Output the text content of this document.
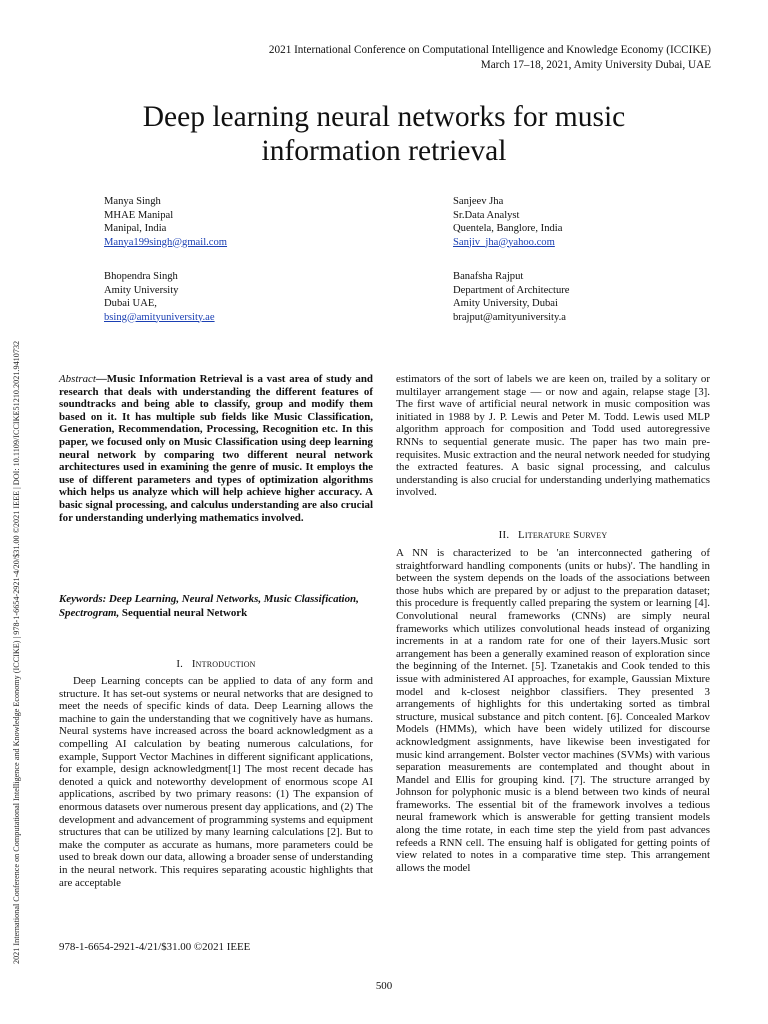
2021 International Conference on Computational Intelligence and Knowledge Economy (ICCIKE)
March 17–18, 2021, Amity University Dubai, UAE
2021 International Conference on Computational Intelligence and Knowledge Economy (ICCIKE) | 978-1-6654-2921-4/20/$31.00 ©2021 IEEE | DOI: 10.1109/ICCIKE51210.2021.9410732
Deep learning neural networks for music
information retrieval
Manya Singh
MHAE Manipal
Manipal, India
Manya199singh@gmail.com
Sanjeev Jha
Sr.Data Analyst
Quentela, Banglore, India
Sanjiv_jha@yahoo.com
Bhopendra Singh
Amity University
Dubai UAE,
bsing@amityuniversity.ae
Banafsha Rajput
Department of Architecture
Amity University, Dubai
brajput@amityuniversity.a

Abstract—Music Information Retrieval is a vast area of study and research that deals with understanding the different features of soundtracks and being able to classify, group and modify them based on it. It has multiple sub fields like Music Classification, Generation, Recommendation, Processing, Recognition etc. In this paper, we focused only on Music Classification using deep learning neural network by comparing two different neural network architectures used in examining the genre of music. It employs the use of different parameters and types of optimization algorithms which helps us analyze which will help achieve higher accuracy. A basic signal processing, and calculus understanding are also crucial for understanding underlying mathematics involved.

Keywords: Deep Learning, Neural Networks, Music Classification, Spectrogram, Sequential neural Network
I. Introduction

Deep Learning concepts can be applied to data of any form and structure. It has set-out systems or neural networks that are designed to meet the needs of specific kinds of data. Deep Learning allows the machine to gain the understanding that we cognitively have as humans. Neural systems have increased across the board acknowledgment as a compelling AI calculation by beating numerous calculations, for example, Support Vector Machines in different significant applications, for example, design acknowledgment[1] The most recent decade has denoted a quick and noteworthy development of enormous scope AI applications, ascribed by two primary reasons: (1) The expansion of enormous datasets over numerous present day applications, and (2) The development and advancement of programming systems and equipment structures that can be utilized by many learning calculations [2]. But to make the computer as accurate as humans, more parameters could be used to break down our data, allowing a broader sense of understanding in the neural network. This requires separating acoustic highlights that are acceptable

estimators of the sort of labels we are keen on, trailed by a solitary or multilayer arrangement stage — or now and again, relapse stage [3]. The first wave of artificial neural network in music composition was initiated in 1988 by J. P. Lewis and Peter M. Todd. Lewis used MLP algorithm approach for composition and Todd used autoregressive RNNs to sequential generate music. The paper has two main pre-requisites. Music extraction and the neural network needed for studying the extracted features. A basic signal processing, and calculus understanding is also crucial for understanding underlying mathematics involved.

II. Literature Survey

A NN is characterized to be 'an interconnected gathering of straightforward handling components (units or hubs)'. The handling in between the system depends on the loads of the associations between those hubs which are prepared by or adjust to the preparation dataset; this procedure is frequently called preparing the system or learning [4]. Convolutional neural frameworks (CNNs) are simply neural frameworks which utilizes convolutional heads instead of organizing increments in at a random rate for one of their layers.Music sort arrangement has been a generally examined reason of exploration since the beginning of the Internet. [5]. Tzanetakis and Cook tended to this issue with administered AI approaches, for example, Gaussian Mixture model and k-closest neighbor classifiers. They presented 3 arrangements of highlights for this undertaking sorted as timbral structure, musical substance and pitch content. [6]. Concealed Markov Models (HMMs), which have been widely utilized for discourse acknowledgment assignments, have likewise been investigated for music kind arrangement. Bolster vector machines (SVMs) with various separation measurements are contemplated and thought about in Mandel and Ellis for grouping kind. [7]. The structure arranged by Johnson for polyphonic music is a blend between two kinds of neural frameworks. The essential bit of the framework involves a tedious neural framework which is answerable for getting transient models along the time rotate, in each time step the yield from past advances refeeds a RNN cell. The ensuing half is obligated for getting points of view related to notes in a comparative time step. This arrangement allows the model

978-1-6654-2921-4/21/$31.00 ©2021 IEEE
500
